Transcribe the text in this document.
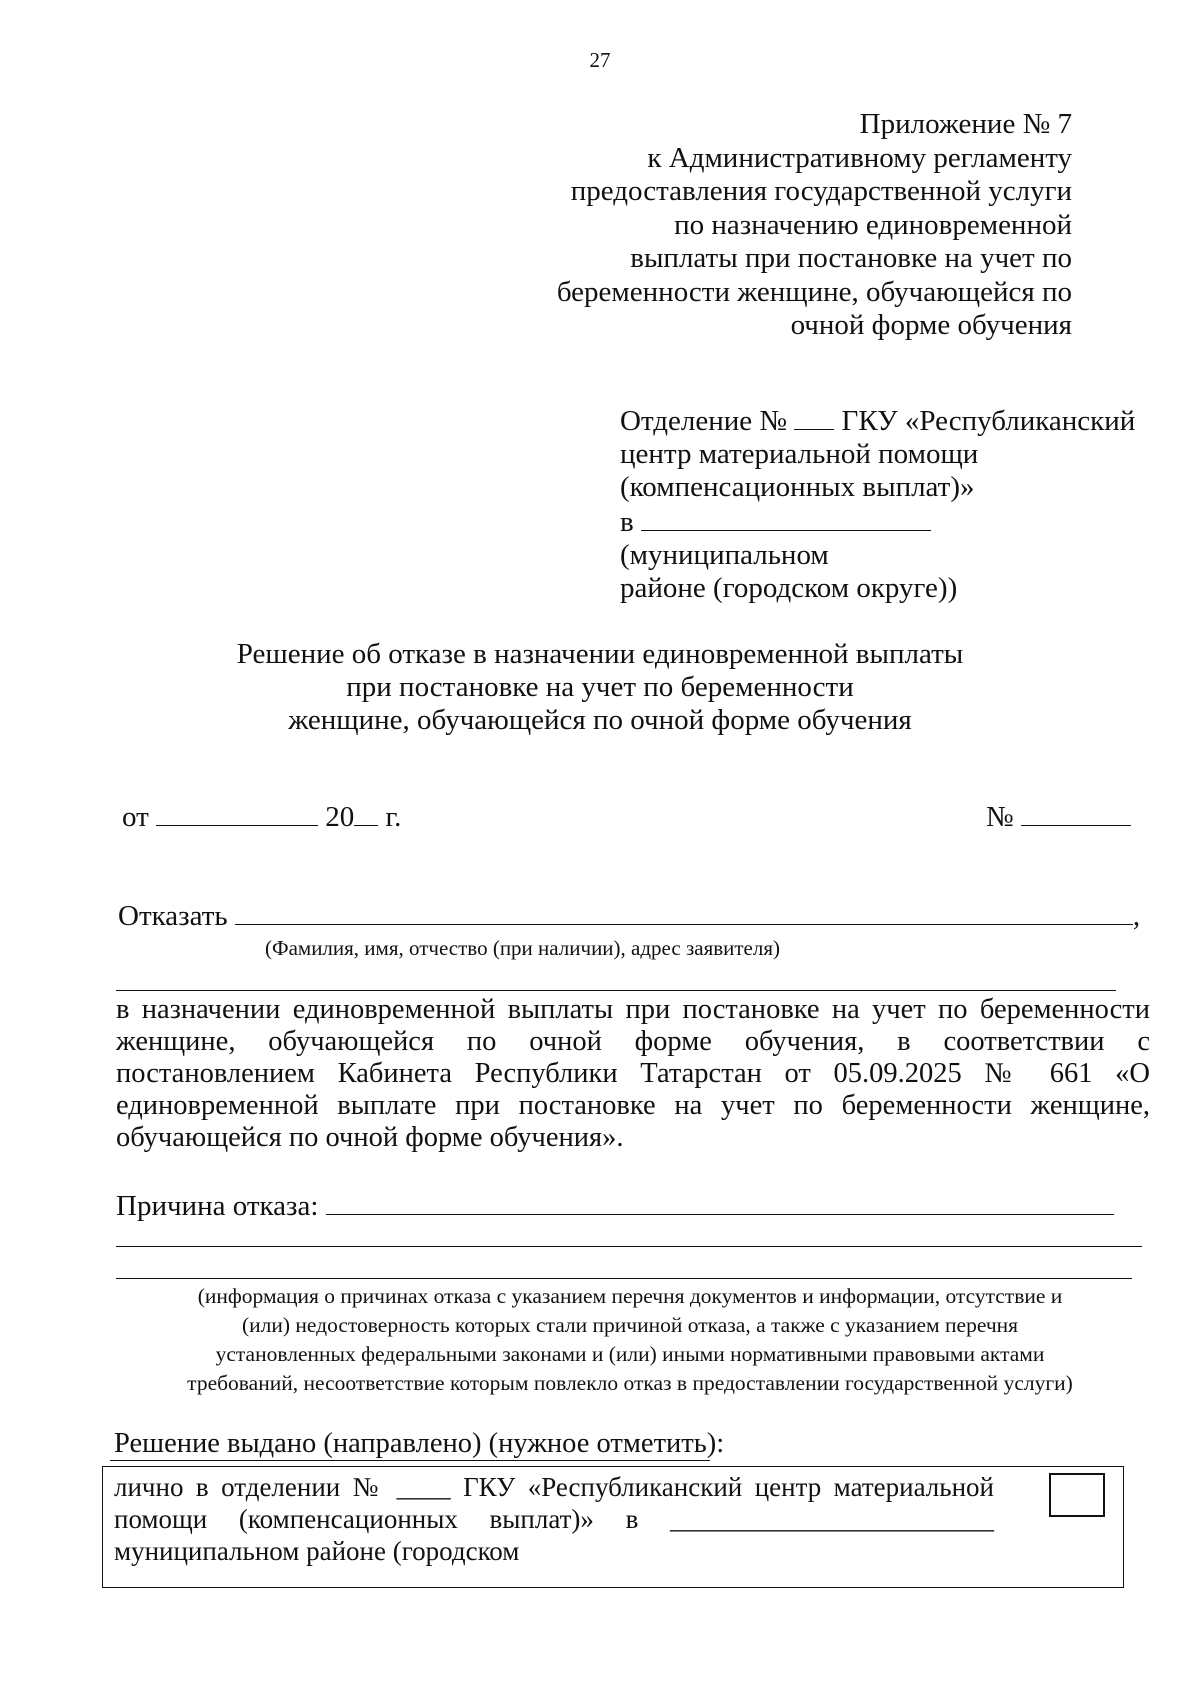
27
Приложение № 7
к Административному регламенту
предоставления государственной услуги
по назначению единовременной
выплаты при постановке на учет по
беременности женщине, обучающейся по
очной форме обучения
Отделение № ГКУ «Республиканский
центр материальной помощи
(компенсационных выплат)»
в  (муниципальном
районе (городском округе))
Решение об отказе в назначении единовременной выплаты
при постановке на учет по беременности
женщине, обучающейся по очной форме обучения
от	20 г.	№
Отказать	,
(Фамилия, имя, отчество (при наличии), адрес заявителя)
в назначении единовременной выплаты при постановке на учет по беременности женщине, обучающейся по очной форме обучения, в соответствии с постановлением Кабинета Республики Татарстан от 05.09.2025 № 661 «О единовременной выплате при постановке на учет по беременности женщине, обучающейся по очной форме обучения».
Причина отказа:
(информация о причинах отказа с указанием перечня документов и информации, отсутствие и
(или) недостоверность которых стали причиной отказа, а также с указанием перечня
установленных федеральными законами и (или) иными нормативными правовыми актами
требований, несоответствие которым повлекло отказ в предоставлении государственной услуги)
Решение выдано (направлено) (нужное отметить):
лично в отделении № ____ ГКУ «Республиканский центр материальной помощи (компенсационных выплат)» в ________________________ муниципальном районе (городском
